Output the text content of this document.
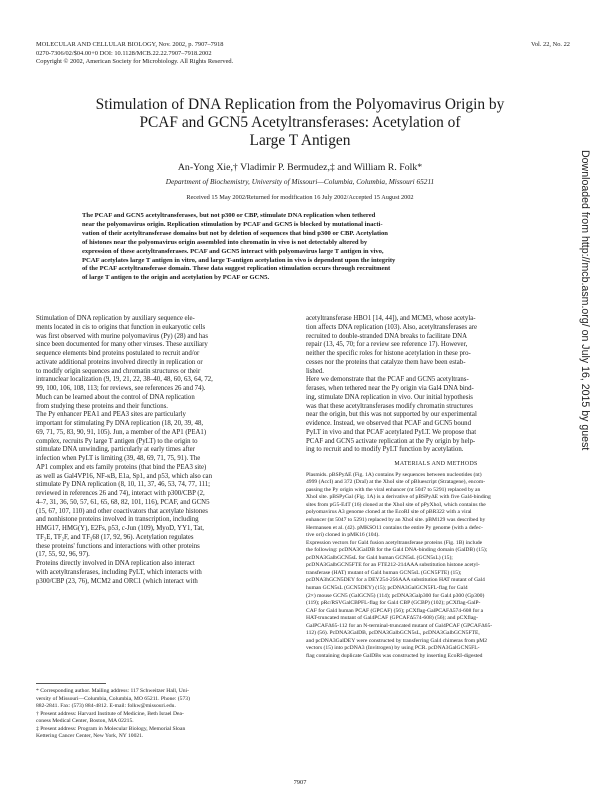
MOLECULAR AND CELLULAR BIOLOGY, Nov. 2002, p. 7907–7918
0270-7306/02/$04.00+0 DOI: 10.1128/MCB.22.22.7907–7918.2002
Copyright © 2002, American Society for Microbiology. All Rights Reserved.
Vol. 22, No. 22
Stimulation of DNA Replication from the Polyomavirus Origin by
PCAF and GCN5 Acetyltransferases: Acetylation of
Large T Antigen
An-Yong Xie,† Vladimir P. Bermudez,‡ and William R. Folk*
Department of Biochemistry, University of Missouri—Columbia, Columbia, Missouri 65211
Received 15 May 2002/Returned for modification 16 July 2002/Accepted 15 August 2002
The PCAF and GCN5 acetyltransferases, but not p300 or CBP, stimulate DNA replication when tethered
near the polyomavirus origin. Replication stimulation by PCAF and GCN5 is blocked by mutational inacti-
vation of their acetyltransferase domains but not by deletion of sequences that bind p300 or CBP. Acetylation
of histones near the polyomavirus origin assembled into chromatin in vivo is not detectably altered by
expression of these acetyltransferases. PCAF and GCN5 interact with polyomavirus large T antigen in vivo,
PCAF acetylates large T antigen in vitro, and large T-antigen acetylation in vivo is dependent upon the integrity
of the PCAF acetyltransferase domain. These data suggest replication stimulation occurs through recruitment
of large T antigen to the origin and acetylation by PCAF or GCN5.
Stimulation of DNA replication by auxiliary sequence ele-
ments located in cis to origins that function in eukaryotic cells
was first observed with murine polyomavirus (Py) (28) and has
since been documented for many other viruses. These auxiliary
sequence elements bind proteins postulated to recruit and/or
activate additional proteins involved directly in replication or
to modify origin sequences and chromatin structures or their
intranuclear localization (9, 19, 21, 22, 38–40, 48, 60, 63, 64, 72,
99, 100, 106, 108, 113; for reviews, see references 26 and 74).
Much can be learned about the control of DNA replication
from studying these proteins and their functions.
The Py enhancer PEA1 and PEA3 sites are particularly
important for stimulating Py DNA replication (18, 20, 39, 48,
69, 71, 75, 83, 90, 91, 105). Jun, a member of the AP1 (PEA1)
complex, recruits Py large T antigen (PyLT) to the origin to
stimulate DNA unwinding, particularly at early times after
infection when PyLT is limiting (39, 48, 69, 71, 75, 91). The
AP1 complex and ets family proteins (that bind the PEA3 site)
as well as Gal4VP16, NF-κB, E1a, Sp1, and p53, which also can
stimulate Py DNA replication (8, 10, 11, 37, 46, 53, 74, 77, 111;
reviewed in references 26 and 74), interact with p300/CBP (2,
4–7, 31, 36, 50, 57, 61, 65, 68, 82, 101, 116), PCAF, and GCN5
(15, 67, 107, 110) and other coactivators that acetylate histones
and nonhistone proteins involved in transcription, including
HMG17, HMG(Y), E2Fs, p53, c-Jun (109), MyoD, YY1, Tat,
TF₂E, TF₂F, and TF₃68 (17, 92, 96). Acetylation regulates
these proteins' functions and interactions with other proteins
(17, 55, 92, 96, 97).
Proteins directly involved in DNA replication also interact
with acetyltransferases, including PyLT, which interacts with
p300/CBP (23, 76), MCM2 and ORC1 (which interact with
* Corresponding author. Mailing address: 117 Schweitzer Hall, Uni-
versity of Missouri—Columbia, Columbia, MO 65211. Phone: (573)
882-2841. Fax: (573) 884-4812. E-mail: folkw@missouri.edu.
† Present address: Harvard Institute of Medicine, Beth Israel Dea-
coness Medical Center, Boston, MA 02215.
‡ Present address: Program in Molecular Biology, Memorial Sloan
Kettering Cancer Center, New York, NY 10021.
acetyltransferase HBO1 [14, 44]), and MCM3, whose acetyla-
tion affects DNA replication (103). Also, acetyltransferases are
recruited to double-stranded DNA breaks to facilitate DNA
repair (13, 45, 70; for a review see reference 17). However,
neither the specific roles for histone acetylation in these pro-
cesses nor the proteins that catalyze them have been estab-
lished.
Here we demonstrate that the PCAF and GCN5 acetyltrans-
ferases, when tethered near the Py origin via Gal4 DNA bind-
ing, stimulate DNA replication in vivo. Our initial hypothesis
was that these acetyltransferases modify chromatin structures
near the origin, but this was not supported by our experimental
evidence. Instead, we observed that PCAF and GCN5 bound
PyLT in vivo and that PCAF acetylated PyLT. We propose that
PCAF and GCN5 activate replication at the Py origin by help-
ing to recruit and to modify PyLT function by acetylation.
MATERIALS AND METHODS
Plasmids. pBSPyΔE (Fig. 1A) contains Py sequences between nucleotides (nt)
4999 (AccI) and 372 (DraI) at the XhoI site of pBluescript (Stratagene), encom-
passing the Py origin with the viral enhancer (nt 5047 to 5291) replaced by an
XhoI site. pBSPyGal (Fig. 1A) is a derivative of pBSPyΔE with five Gal4-binding
sites from pG5-E4T (16) cloned at the XhoI site of pPyXhoI, which contains the
polyomavirus A3 genome cloned at the EcoRI site of pBR322 with a viral
enhancer (nt 5047 to 5291) replaced by an XhoI site. pBM129 was described by
Hermansen et al. (42). pMKSO11 contains the entire Py genome (with a defec-
tive ori) cloned in pMK16 (104).
Expression vectors for Gal4 fusion acetyltransferase proteins (Fig. 1B) include
the following: pcDNA3GalDB for the Gal4 DNA-binding domain (GalDB) (15);
pcDNA3GalbGCN5sL for Gal4 human GCN5sL (GCN5sL) (15);
pcDNA3GalbGCN5FTE for an FTE212-214AAA substitution histone acetyl-
transferase (HAT) mutant of Gal4 human GCN5sL (GCN5FTE) (15);
pcDNA3hGCN5DEY for a DEY254-256AAA substitution HAT mutant of Gal4
human GCN5sL (GCN5DEY) (15); pcDNA3GalGCN5FL-flag for Gal4
(2×) mouse GCN5 (GalGCN5) (114); pcDNA3Galp300 for Gal4 p300 (Gp300)
(119); pRc/RSVGalCBPFL-flag for Gal4 CBP (GCBP) (102); pCXflag-GalP-
CAF for Gal4 human PCAF (GPCAF) (56); pCXflag-GalPCAFΔ574-608 for a
HAT-truncated mutant of Gal4PCAF (GPCAFΔ574-608) (56); and pCXflag-
GalPCAFΔ65-112 for an N-terminal-truncated mutant of Gal4PCAF (GPCAFΔ65-
112) (56). PcDNA3GalDB, pcDNA3GalbGCN5sL, pcDNA3GalbGCN5FTE,
and pcDNA3GalDEY were constructed by transferring Gal4 chimeras from pM2
vectors (15) into pcDNA3 (Invitrogen) by using PCR. pcDNA3GalGCN5FL-
flag containing duplicate GalDBs was constructed by inserting EcoRI-digested
Downloaded from http://mcb.asm.org/ on July 16, 2015 by guest
7907
